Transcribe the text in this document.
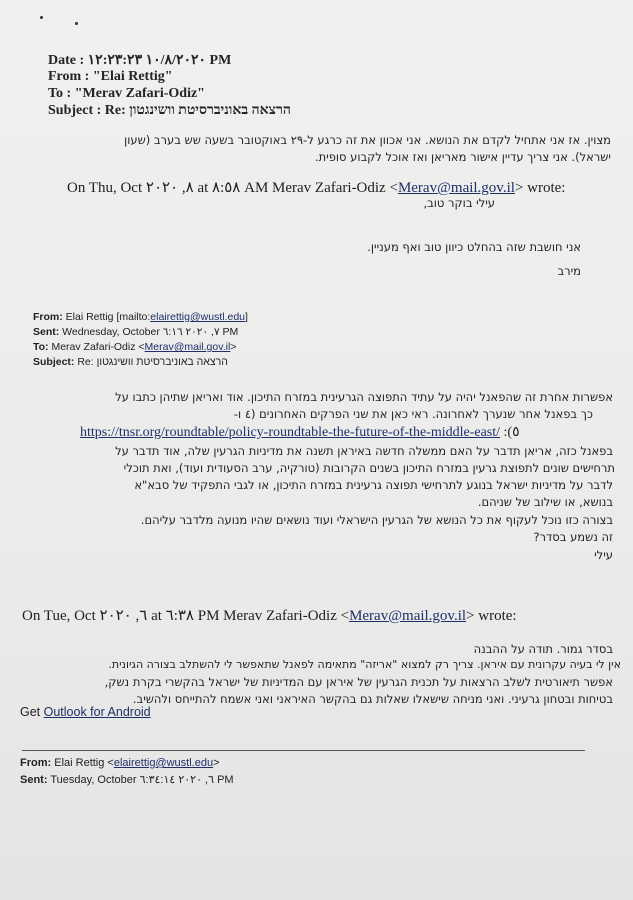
Date : ١٠/٨/٢٠٢٠ ١٢:٢٣:٢٣ PM
From : "Elai Rettig"
To : "Merav Zafari-Odiz"
Subject : Re: הרצאה באוניברסיטת וושינגטון
מצוין. אז אני אתחיל לקדם את הנושא. אני אכוון את זה כרגע ל-٢٩ באוקטובר בשעה שש בערב (שעון
ישראל). אני צריך עדיין אישור מאריאן ואז אוכל לקבוע סופית.
On Thu, Oct ٨, ٢٠٢٠ at ٨:٥٨ AM Merav Zafari-Odiz <Merav@mail.gov.il> wrote:
עילי בוקר טוב,
אני חושבת שזה בהחלט כיוון טוב ואף מעניין.
מירב
From: Elai Rettig [mailto:elairettig@wustl.edu]
Sent: Wednesday, October ٧, ٢٠٢٠ ٦:١٦ PM
To: Merav Zafari-Odiz <Merav@mail.gov.il>
Subject: Re: הרצאה באוניברסיטת וושינגטון
אפשרות אחרת זה שהפאנל יהיה על עתיד התפוצה הגרעינית במזרח התיכון. אוד ואריאן שתיהן כתבו על
כך בפאנל אחר שנערך לאחרונה. ראי כאן את שני הפרקים האחרונים (٤ ו-
https://tnsr.org/roundtable/policy-roundtable-the-future-of-the-middle-east/ :(٥
בפאנל כזה, אריאן תדבר על האם ממשלה חדשה באיראן תשנה את מדיניות הגרעין שלה, אוד תדבר על
תרחישים שונים לתפוצת גרעין במזרח התיכון בשנים הקרובות (טורקיה, ערב הסעודית ועוד), ואת תוכלי
לדבר על מדיניות ישראל בנוגע לתרחישי תפוצה גרעינית במזרח התיכון, או לגבי התפקיד של סבא"א
בנושא, או שילוב של שניהם.
בצורה כזו נוכל לעקוף את כל הנושא של הגרעין הישראלי ועוד נושאים שהיו מנועה מלדבר עליהם.
זה נשמע בסדר?
עילי
On Tue, Oct ٦, ٢٠٢٠ at ٦:٣٨ PM Merav Zafari-Odiz <Merav@mail.gov.il> wrote:
בסדר גמור. תודה על ההבנה
אין לי בעיה עקרונית עם איראן. צריך רק למצוא "אריזה" מתאימה לפאנל שתאפשר לי להשתלב בצורה הגיונית.
אפשר תיאורטית לשלב הרצאות על תכנית הגרעין של איראן עם המדיניות של ישראל בהקשרי בקרת נשק,
בטיחות ובטחון גרעיני. ואני מניחה שישאלו שאלות גם בהקשר האיראני ואני אשמח להתייחס ולהשיב.
Get Outlook for Android
From: Elai Rettig <elairettig@wustl.edu>
Sent: Tuesday, October ٦, ٢٠٢٠ ٦:٣٤:١٤ PM
